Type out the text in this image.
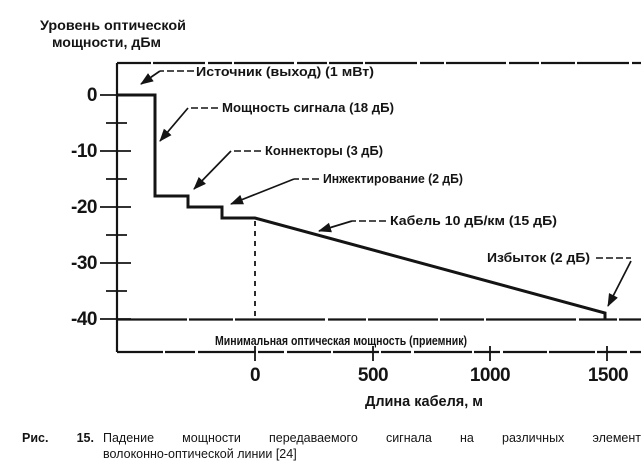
Уровень оптической
мощности, дБм
0
-10
-20
-30
-40
0	500	1000	1500
Длина кабеля, м
Источник (выход) (1 мВт)
Мощность сигнала (18 дБ)
Коннекторы (3 дБ)
Инжектирование (2 дБ)
Кабель 10 дБ/км (15 дБ)
Избыток (2 дБ)
Минимальная оптическая мощность (приемник)
Рис. 15. Падение мощности передаваемого сигнала на различных элемент
волоконно-оптической линии [24]
